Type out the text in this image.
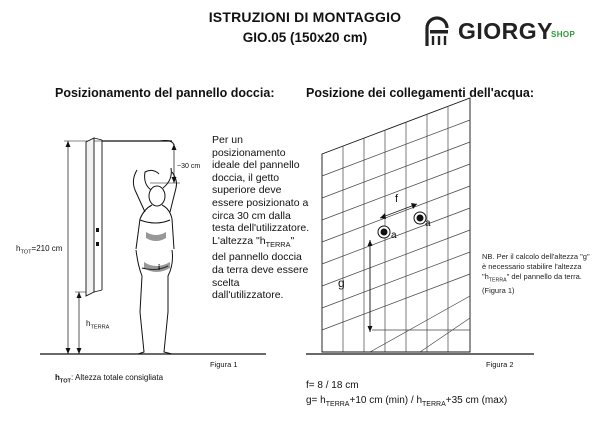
ISTRUZIONI DI MONTAGGIO
GIO.05 (150x20 cm)	GIORGY
SHOP
Posizionamento del pannello doccia:	Posizione dei collegamenti dell'acqua:
~30 cm
$h_{TOT}=210$ cm
$h_{TERRA}$
i
Per un posizionamento ideale del pannello doccia, il getto superiore deve essere posizionato a circa 30 cm dalla testa dell'utilizzatore. L'altezza "$h_{TERRA}$" del pannello doccia da terra deve essere scelta dall'utilizzatore.
Figura 1
$h_{TOT}$: Altezza totale consigliata
f
g
a
a
NB. Per il calcolo dell'altezza "g" è necessario stabilire l'altezza "$h_{TERRA}$" del pannello da terra. (Figura 1)
Figura 2
f= 8 / 18 cm
$g= h_{TERRA}+10$ cm $(\min) / h_{TERRA}+35$ cm (max)
